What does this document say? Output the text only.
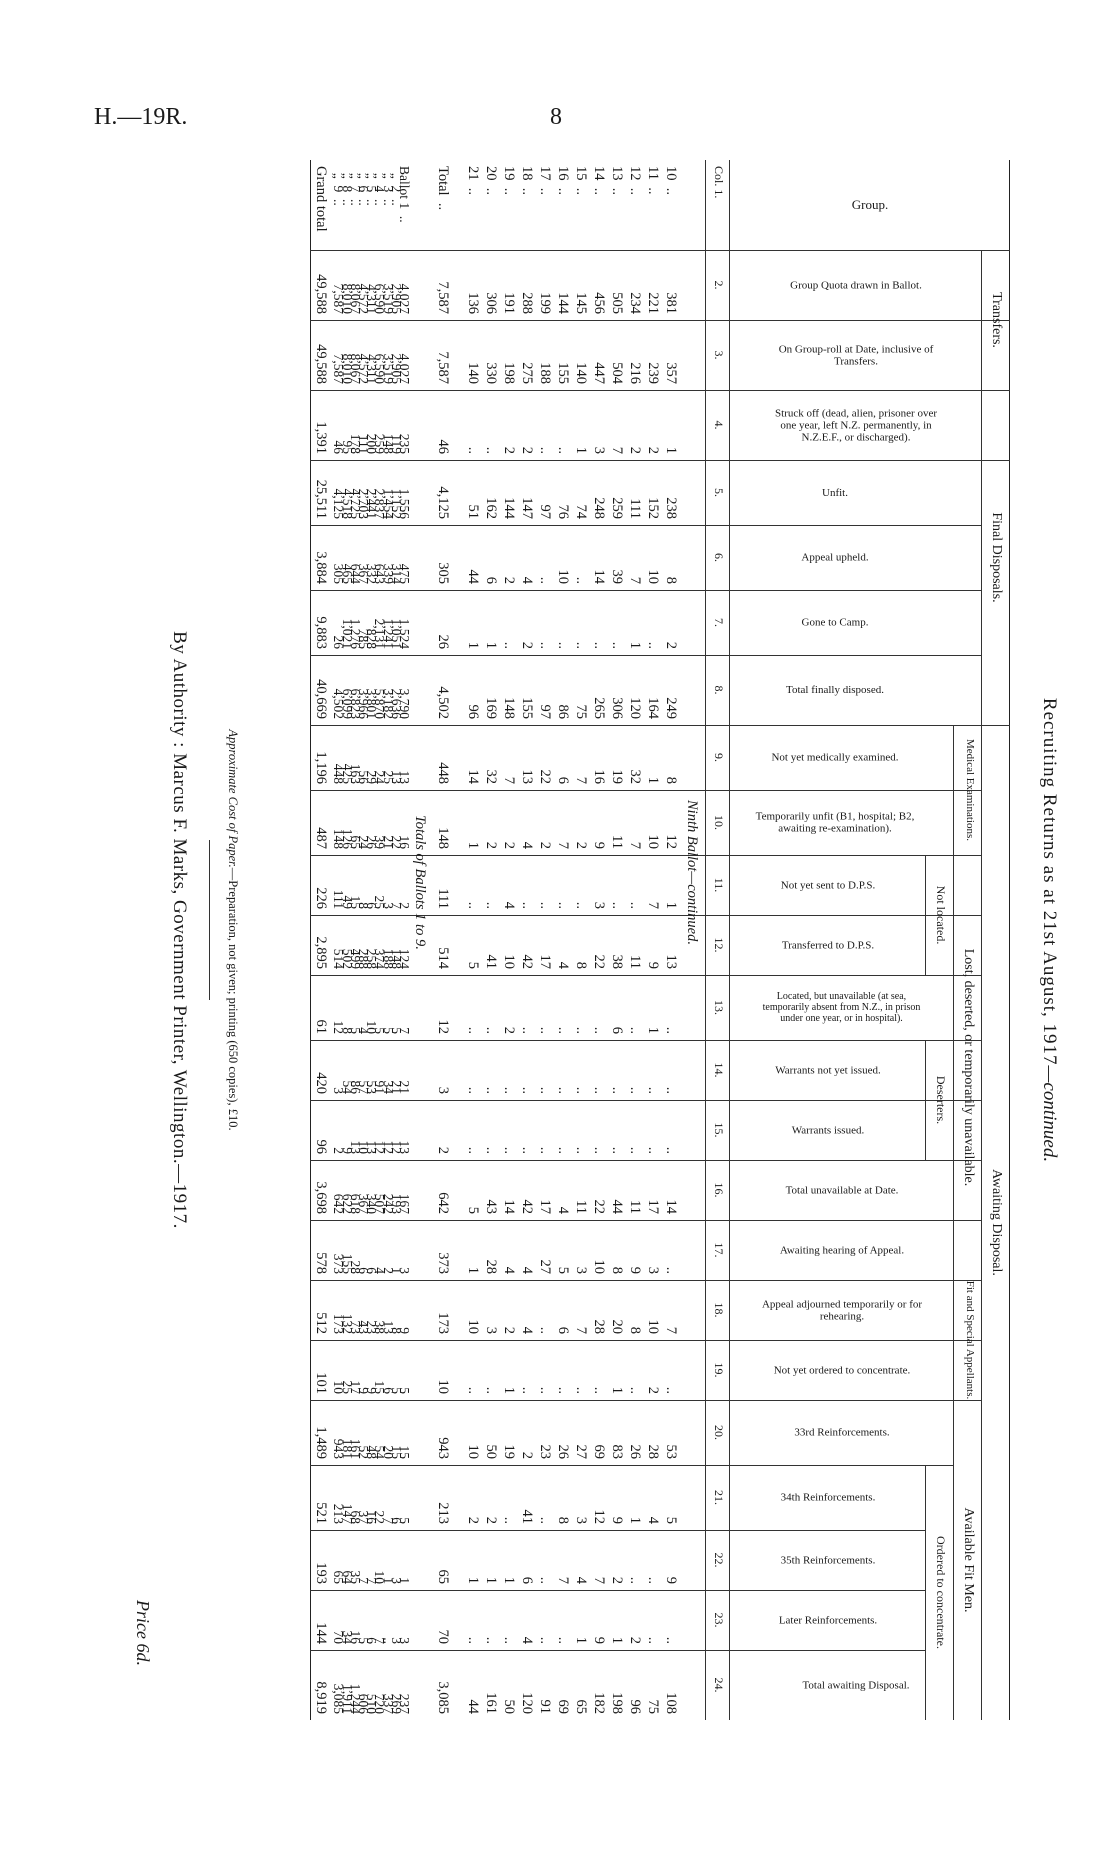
H.—19R.	8
Recruiting Returns as at 21st August, 1917—continued.
Transfers.
Final Disposals.
Awaiting Disposal.
Medical Examinations.
Lost, deserted, or temporarily unavailable.
Fit and Special Appellants.
Available Fit Men.
Not located.
Deserters.
Ordered to concentrate.
Group.
Group Quota drawn in Ballot.
On Group-roll at Date, inclusive of Transfers.
Struck off (dead, alien, prisoner over one year, left N.Z. permanently, in N.Z.E.F., or discharged).
Unfit.
Appeal upheld.
Gone to Camp.
Total finally disposed.
Not yet medically examined.
Temporarily unfit (B1, hospital; B2, awaiting re-examination).
Not yet sent to D.P.S.
Transferred to D.P.S.
Located, but unavailable (at sea, temporarily absent from N.Z., in prison under one year, or in hospital).
Warrants not yet issued.
Warrants issued.
Total unavailable at Date.
Awaiting hearing of Appeal.
Appeal adjourned temporarily or for rehearing.
Not yet ordered to concentrate.
33rd Reinforcements.
34th Reinforcements.
35th Reinforcements.
Later Reinforcements.
Total awaiting Disposal.
Col. 1.
2.
3.
4.
5.
6.
7.
8.
9.
10.
11.
12.
13.
14.
15.
16.
17.
18.
19.
20.
21.
22.
23.
24.
Ninth Ballot—continued.
10  ..
11  ..
12  ..
13  ..
14  ..
15  ..
16  ..
17  ..
18  ..
19  ..
20  ..
21  ..
Total  ..
Totals of Ballots 1 to 9.
Ballot 1  ..
„  2  ..
„  3  ..
„  4  ..
„  5  ..
„  6  ..
„  7  ..
„  8  ..
„  9  ..
Grand total
381
221
234
505
456
145
144
199
288
191
306
136
7,587
4,027
2,905
3,519
6,590
4,311
4,572
8,067
8,010
7,587
49,588
357
239
216
504
447
140
155
188
275
198
330
140
7,587
4,027
2,905
3,519
6,590
4,311
4,572
8,067
8,010
7,587
49,588
1
2
2
7
3
1
..
..
2
2
..
..
46
235
119
148
259
200
111
178
95
46
1,391
238
152
111
259
248
74
76
97
147
144
162
51
4,125
1,556
1,152
1,454
2,837
2,441
2,703
4,725
4,518
4,125
25,511
8
10
7
39
14
..
10
..
4
2
6
44
305
475
314
339
643
332
367
644
465
305
3,884
2
..
1
..
..
..
..
..
2
..
1
1
26
1,524
1,051
1,241
2,131
828
785
1,276
1,021
26
9,883
249
164
120
306
265
75
86
97
155
148
169
96
4,502
3,790
2,636
3,182
5,870
3,801
3,966
6,823
6,099
4,502
40,669
8
1
32
19
16
7
6
22
13
7
32
14
448
13
13
25
24
29
56
163
425
448
1,196
12
10
7
11
9
2
7
2
4
2
2
1
148
16
22
21
39
26
24
65
126
148
487
1
7
..
..
3
..
..
..
..
4
..
..
111
2
7
3
25
6
8
15
49
111
226
13
9
11
38
22
8
4
17
42
10
41
5
514
124
148
188
374
258
288
499
502
514
2,895
..
1
..
6
..
..
..
..
..
2
..
..
12
7
5
5
5
10
4
5
8
12
61
..
..
..
..
..
..
..
..
..
..
..
..
3
21
21
34
91
53
57
86
54
3
420
..
..
..
..
..
..
..
..
..
..
..
..
2
13
12
12
12
13
10
13
9
2
96
14
17
11
44
22
11
4
17
42
14
43
5
642
167
193
242
507
340
367
618
622
642
3,698
..
3
9
8
10
3
5
27
4
4
28
1
373
3
1
2
4
6
6
28
155
373
578
7
10
8
20
28
7
6
..
4
2
3
10
173
9
8
13
38
23
43
73
132
173
512
..
2
..
1
..
..
..
..
..
1
..
..
10
5
5
6
15
9
9
17
25
10
101
53
28
26
83
69
27
26
23
2
19
50
10
943
15
15
20
54
48
52
161
181
943
1,489
5
4
1
9
12
3
8
..
41
..
2
2
213
5
6
7
22
16
37
68
147
213
521
9
..
..
2
7
4
7
..
6
1
1
1
65
1
3
1
10
7
7
35
64
65
193
..
..
2
1
9
1
..
..
4
..
..
..
70
3
3
..
7
6
5
16
34
70
144
108
75
96
198
182
65
69
91
120
50
161
44
3,085
237
269
337
720
510
606
1,244
1,911
3,085
8,919
Approximate Cost of Paper.—Preparation, not given; printing (650 copies), £10.
By Authority : Marcus F. Marks, Government Printer, Wellington.—1917.
Price 6d.
